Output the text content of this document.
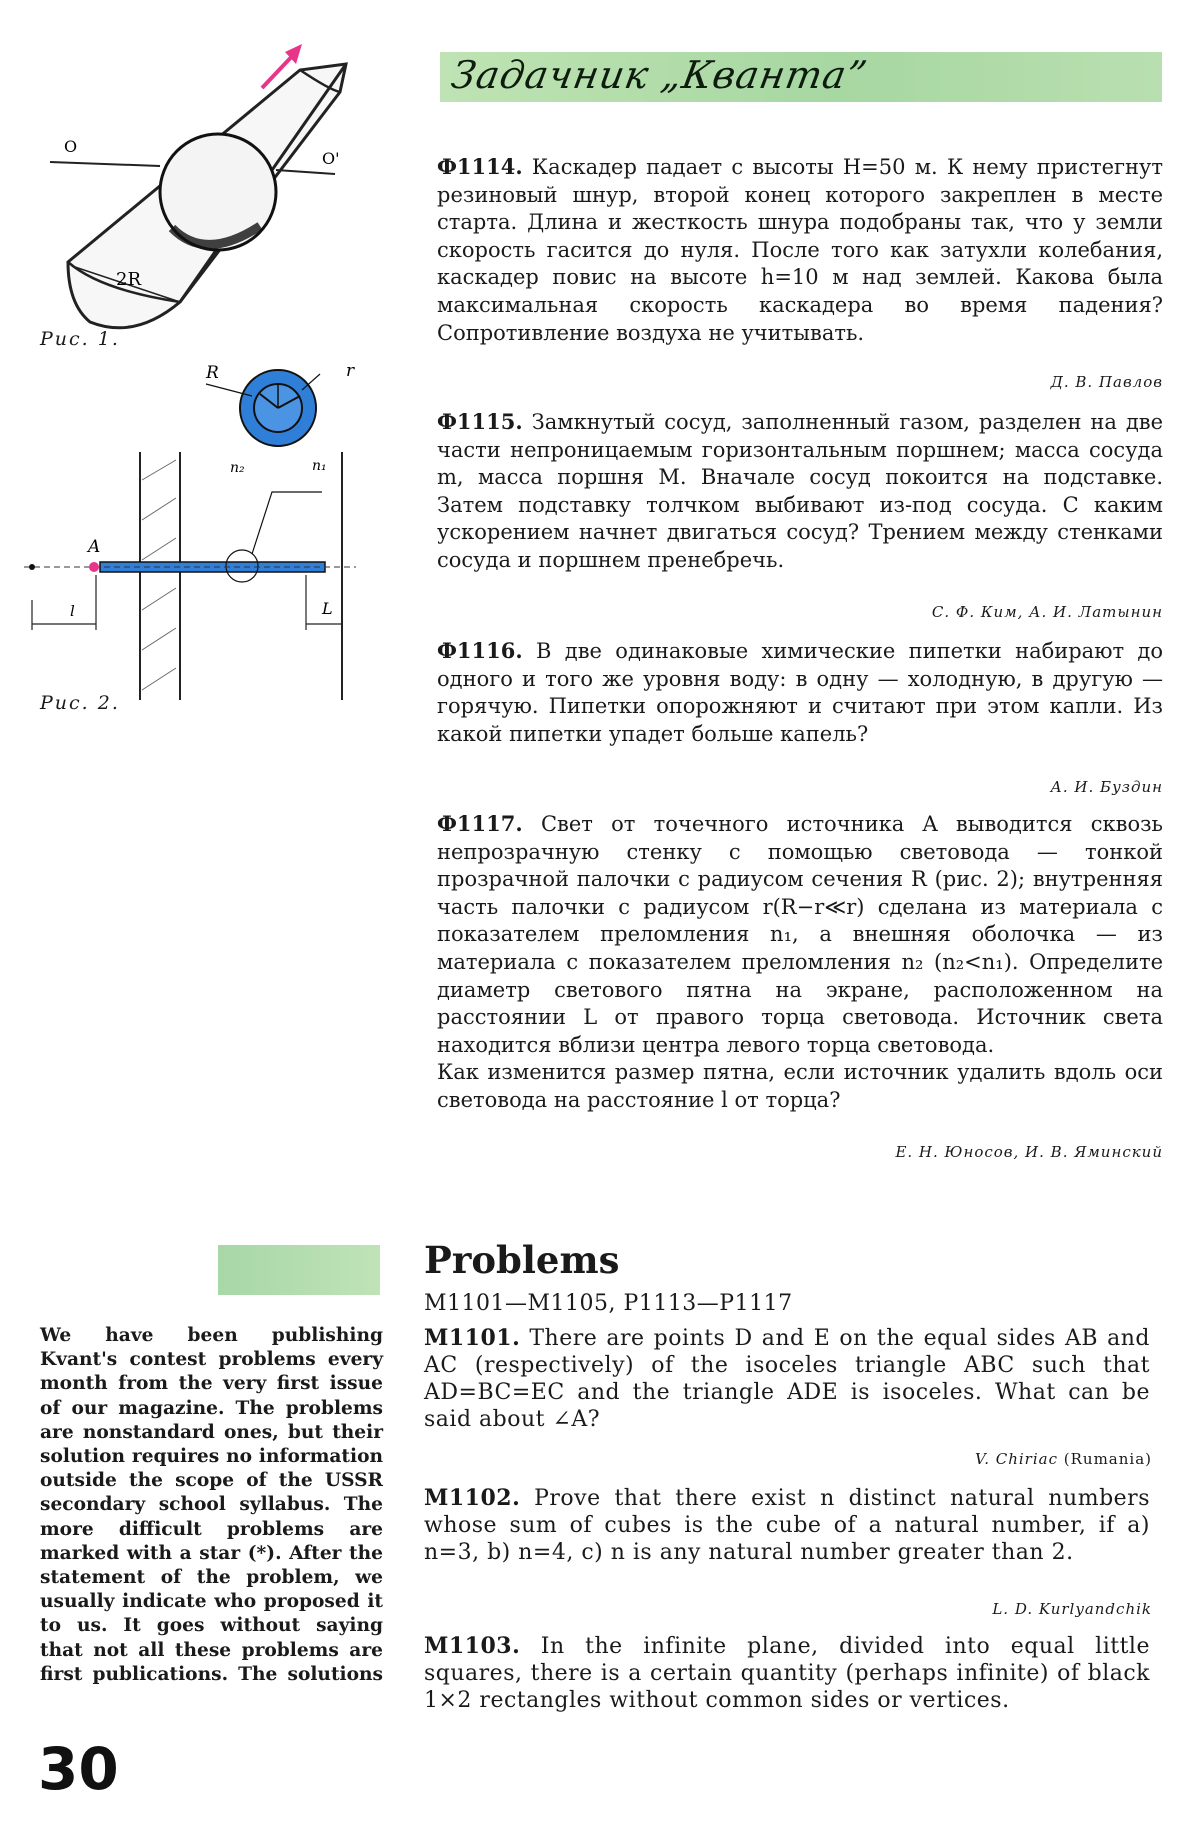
Задачник „Кванта”
O
O'
2R
Рис. 1.
R	r
n₂	n₁
A
l	L
Рис. 2.

Ф1114. Каскадер падает с высоты H=50 м. К нему пристегнут резиновый шнур, второй конец которого закреплен в месте старта. Длина и жесткость шнура подобраны так, что у земли скорость гасится до нуля. После того как затухли колебания, каскадер повис на высоте h=10 м над землей. Какова была максимальная скорость каскадера во время падения? Сопротивление воздуха не учитывать.

Д. В. Павлов

Ф1115. Замкнутый сосуд, заполненный газом, разделен на две части непроницаемым горизонтальным поршнем; масса сосуда m, масса поршня M. Вначале сосуд покоится на подставке. Затем подставку толчком выбивают из-под сосуда. С каким ускорением начнет двигаться сосуд? Трением между стенками сосуда и поршнем пренебречь.

С. Ф. Ким, А. И. Латынин

Ф1116. В две одинаковые химические пипетки набирают до одного и того же уровня воду: в одну — холодную, в другую — горячую. Пипетки опорожняют и считают при этом капли. Из какой пипетки упадет больше капель?

А. И. Буздин

Ф1117. Свет от точечного источника A выводится сквозь непрозрачную стенку с помощью световода — тонкой прозрачной палочки с радиусом сечения R (рис. 2); внутренняя часть палочки с радиусом r(R−r≪r) сделана из материала с показателем преломления n₁, а внешняя оболочка — из материала с показателем преломления n₂ (n₂<n₁). Определите диаметр светового пятна на экране, расположенном на расстоянии L от правого торца световода. Источник света находится вблизи центра левого торца световода.

Как изменится размер пятна, если источник удалить вдоль оси световода на расстояние l от торца?

Е. Н. Юносов, И. В. Яминский
Problems
M1101—M1105, P1113—P1117
M1101. There are points D and E on the equal sides AB and AC (respectively) of the isoceles triangle ABC such that AD=BC=EC and the triangle ADE is isoceles. What can be said about ∠A?
V. Chiriac (Rumania)
M1102. Prove that there exist n distinct natural numbers whose sum of cubes is the cube of a natural number, if a) n=3, b) n=4, c) n is any natural number greater than 2.
L. D. Kurlyandchik
M1103. In the infinite plane, divided into equal little squares, there is a certain quantity (perhaps infinite) of black 1×2 rectangles without common sides or vertices.
We have been publishing Kvant's contest problems every month from the very first issue of our magazine. The problems are nonstandard ones, but their solution requires no information outside the scope of the USSR secondary school syllabus. The more difficult problems are marked with a star (*). After the statement of the problem, we usually indicate who proposed it to us. It goes without saying that not all these problems are first publications. The solutions
30
